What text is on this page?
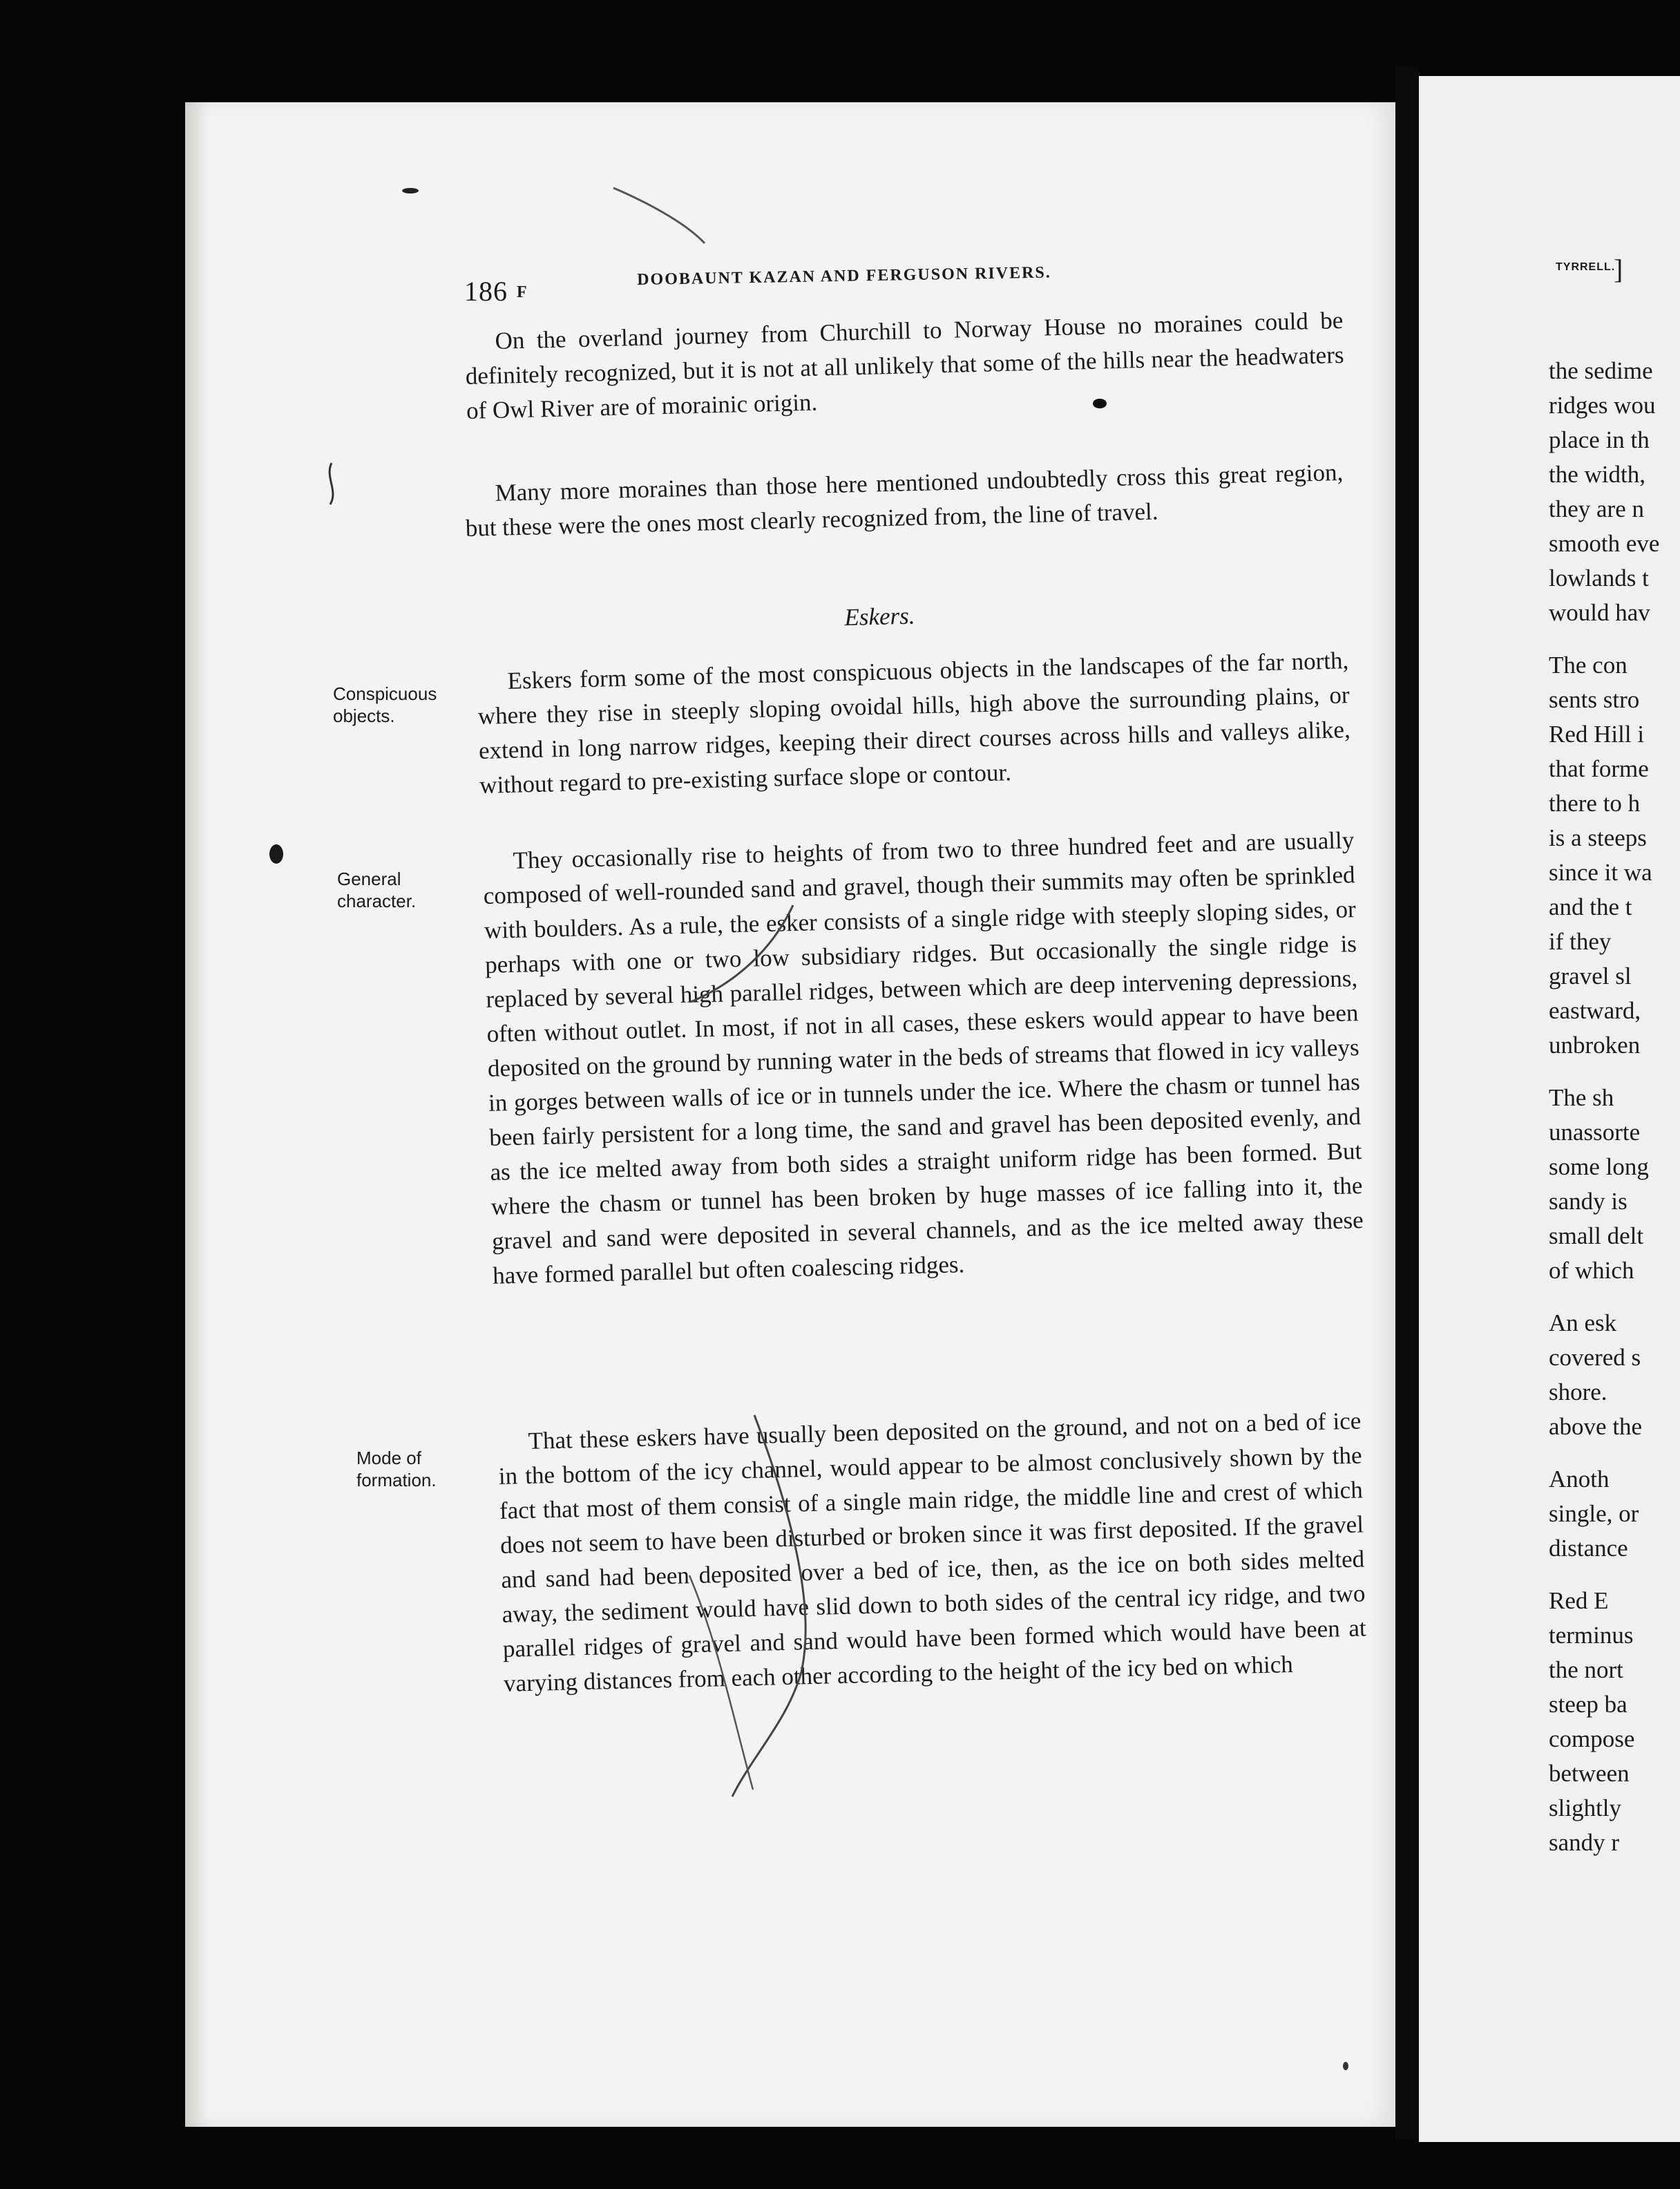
TYRRELL.
]
the sedime
ridges wou
place in th
the width,
they are n
smooth eve
lowlands t
would hav
The con
sents stro
Red Hill i
that forme
there to h
is a steeps
since it wa
and the t
if they
gravel sl
eastward,
unbroken
The sh
unassorte
some long
sandy is
small delt
of which
An esk
covered s
shore.
above the
Anoth
single, or
distance
Red E
terminus
the nort
steep ba
compose
between
slightly
sandy r
186 F
DOOBAUNT KAZAN AND FERGUSON RIVERS.

On the overland journey from Churchill to Norway House no moraines could be definitely recognized, but it is not at all unlikely that some of the hills near the headwaters of Owl River are of morainic origin.

Many more moraines than those here mentioned undoubtedly cross this great region, but these were the ones most clearly recognized from, the line of travel.

Eskers.

Eskers form some of the most conspicuous objects in the landscapes of the far north, where they rise in steeply sloping ovoidal hills, high above the surrounding plains, or extend in long narrow ridges, keeping their direct courses across hills and valleys alike, without regard to pre-existing surface slope or contour.

They occasionally rise to heights of from two to three hundred feet and are usually composed of well-rounded sand and gravel, though their summits may often be sprinkled with boulders. As a rule, the esker consists of a single ridge with steeply sloping sides, or perhaps with one or two low subsidiary ridges. But occasionally the single ridge is replaced by several high parallel ridges, between which are deep intervening depressions, often without outlet. In most, if not in all cases, these eskers would appear to have been deposited on the ground by running water in the beds of streams that flowed in icy valleys in gorges between walls of ice or in tunnels under the ice. Where the chasm or tunnel has been fairly persistent for a long time, the sand and gravel has been deposited evenly, and as the ice melted away from both sides a straight uniform ridge has been formed. But where the chasm or tunnel has been broken by huge masses of ice falling into it, the gravel and sand were deposited in several channels, and as the ice melted away these have formed parallel but often coalescing ridges.

That these eskers have usually been deposited on the ground, and not on a bed of ice in the bottom of the icy channel, would appear to be almost conclusively shown by the fact that most of them consist of a single main ridge, the middle line and crest of which does not seem to have been disturbed or broken since it was first deposited. If the gravel and sand had been deposited over a bed of ice, then, as the ice on both sides melted away, the sediment would have slid down to both sides of the central icy ridge, and two parallel ridges of gravel and sand would have been formed which would have been at varying distances from each other according to the height of the icy bed on which

Conspicuous objects.
General character.
Mode of formation.
